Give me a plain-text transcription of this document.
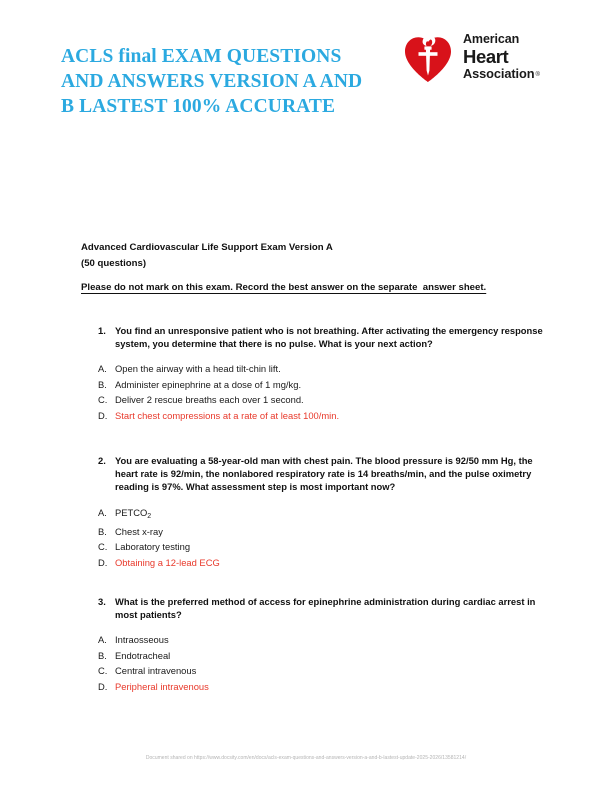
ACLS final EXAM QUESTIONS
AND ANSWERS VERSION A AND
B LASTEST 100% ACCURATE
American
Heart
Association®
Advanced Cardiovascular Life Support Exam Version A
(50 questions)
Please do not mark on this exam. Record the best answer on the separate  answer sheet.
1. You find an unresponsive patient who is not breathing. After activating the emergency response system, you determine that there is no pulse. What is your next action?
A. Open the airway with a head tilt-chin lift.
B. Administer epinephrine at a dose of 1 mg/kg.
C. Deliver 2 rescue breaths each over 1 second.
D. Start chest compressions at a rate of at least 100/min.
2. You are evaluating a 58-year-old man with chest pain. The blood pressure is 92/50 mm Hg, the heart rate is 92/min, the nonlabored respiratory rate is 14 breaths/min, and the pulse oximetry reading is 97%. What assessment step is most important now?
A. $PETCO_2$
B. Chest x-ray
C. Laboratory testing
D. Obtaining a 12-lead ECG
3. What is the preferred method of access for epinephrine administration during cardiac arrest in most patients?
A. Intraosseous
B. Endotracheal
C. Central intravenous
D. Peripheral intravenous
Document shared on https://www.docsity.com/en/docs/acls-exam-questions-and-answers-version-a-and-b-lastest-update-2025-2026/13581214/
